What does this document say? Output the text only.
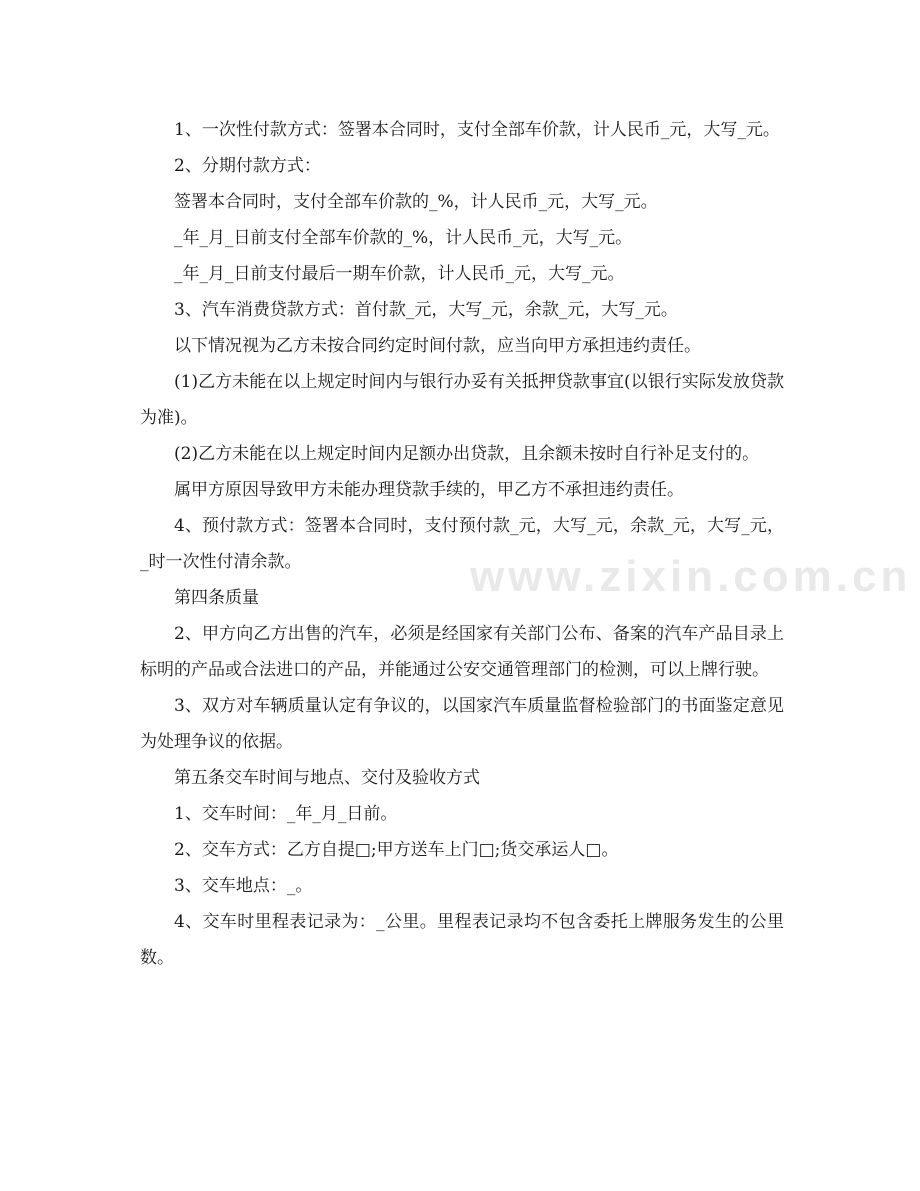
1、一次性付款方式：签署本合同时，支付全部车价款，计人民币_元，大写_元。

2、分期付款方式：

签署本合同时，支付全部车价款的_%，计人民币_元，大写_元。

_年_月_日前支付全部车价款的_%，计人民币_元，大写_元。

_年_月_日前支付最后一期车价款，计人民币_元，大写_元。

3、汽车消费贷款方式：首付款_元，大写_元，余款_元，大写_元。

以下情况视为乙方未按合同约定时间付款，应当向甲方承担违约责任。

(1)乙方未能在以上规定时间内与银行办妥有关抵押贷款事宜(以银行实际发放贷款为准)。

(2)乙方未能在以上规定时间内足额办出贷款，且余额未按时自行补足支付的。

属甲方原因导致甲方未能办理贷款手续的，甲乙方不承担违约责任。

4、预付款方式：签署本合同时，支付预付款_元，大写_元，余款_元，大写_元，_时一次性付清余款。

第四条质量

2、甲方向乙方出售的汽车，必须是经国家有关部门公布、备案的汽车产品目录上标明的产品或合法进口的产品，并能通过公安交通管理部门的检测，可以上牌行驶。

3、双方对车辆质量认定有争议的，以国家汽车质量监督检验部门的书面鉴定意见为处理争议的依据。

第五条交车时间与地点、交付及验收方式

1、交车时间：_年_月_日前。

2、交车方式：乙方自提□;甲方送车上门□;货交承运人□。

3、交车地点：_。

4、交车时里程表记录为：_公里。里程表记录均不包含委托上牌服务发生的公里数。

www.zixin.com.cn
